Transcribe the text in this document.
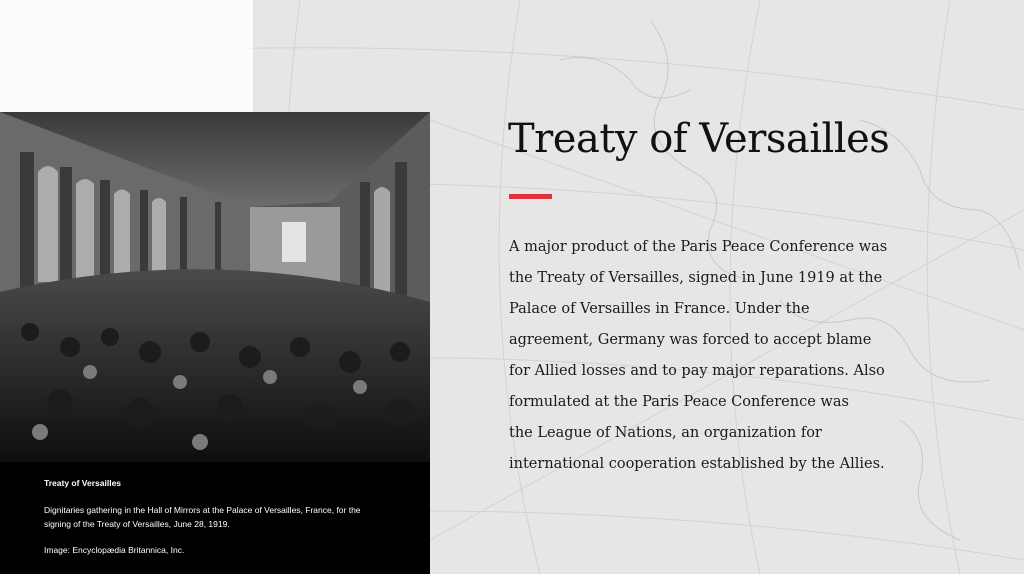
Treaty of Versailles
Dignitaries gathering in the Hall of Mirrors at the Palace of Versailles, France, for the signing of the Treaty of Versailles, June 28, 1919.
Image: Encyclopædia Britannica, Inc.
Treaty of Versailles

A major product of the Paris Peace Conference was
the Treaty of Versailles, signed in June 1919 at the
Palace of Versailles in France. Under the
agreement, Germany was forced to accept blame
for Allied losses and to pay major reparations. Also
formulated at the Paris Peace Conference was
the League of Nations, an organization for
international cooperation established by the Allies.
